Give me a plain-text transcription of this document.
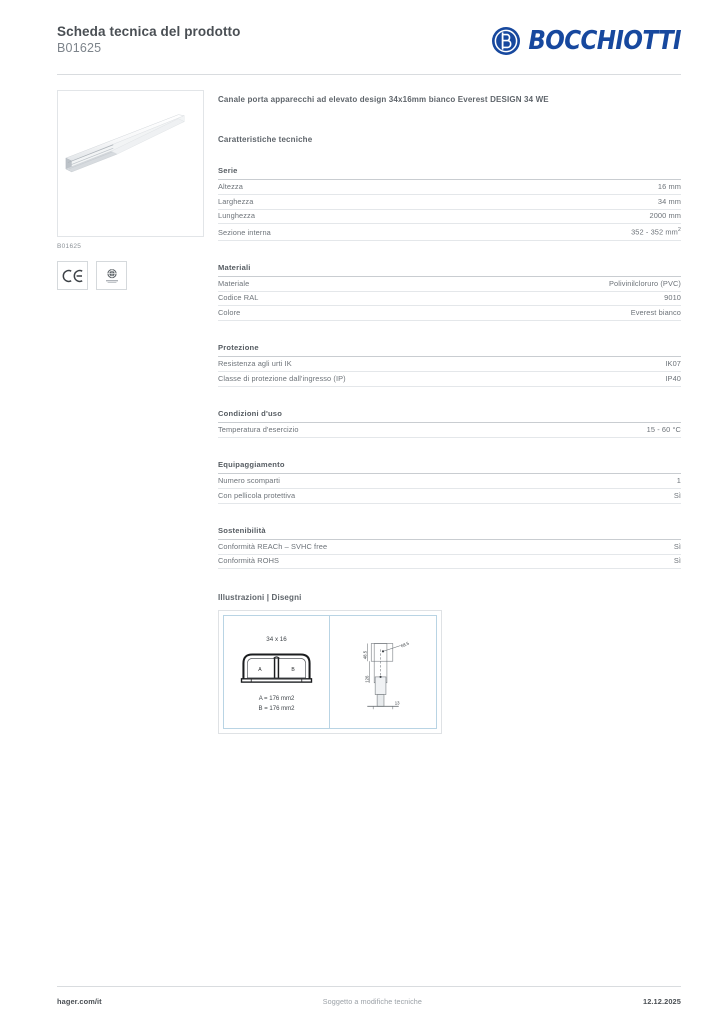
Scheda tecnica del prodotto
B01625	BOCCHIOTTI
B01625
Canale porta apparecchi ad elevato design 34x16mm bianco Everest DESIGN 34 WE
Caratteristiche tecniche
Serie
Altezza	16 mm
Larghezza	34 mm
Lunghezza	2000 mm
Sezione interna	352 - 352 $mm^2$
Materiali
Materiale	Polivinilcloruro (PVC)
Codice RAL	9010
Colore	Everest bianco
Protezione
Resistenza agli urti IK	IK07
Classe di protezione dall'ingresso (IP)	IP40
Condizioni d'uso
Temperatura d'esercizio	15 - 60 °C
Equipaggiamento
Numero scomparti	1
Con pellicola protettiva	Sì
Sostenibilità
Conformità REACh – SVHC free	Sì
Conformità ROHS	Sì
Illustrazioni | Disegni
34 x 16
A	B
A = 176 mm2
B = 176 mm2
48.5
126
68.5
13
hager.com/it	Soggetto a modifiche tecniche	12.12.2025
